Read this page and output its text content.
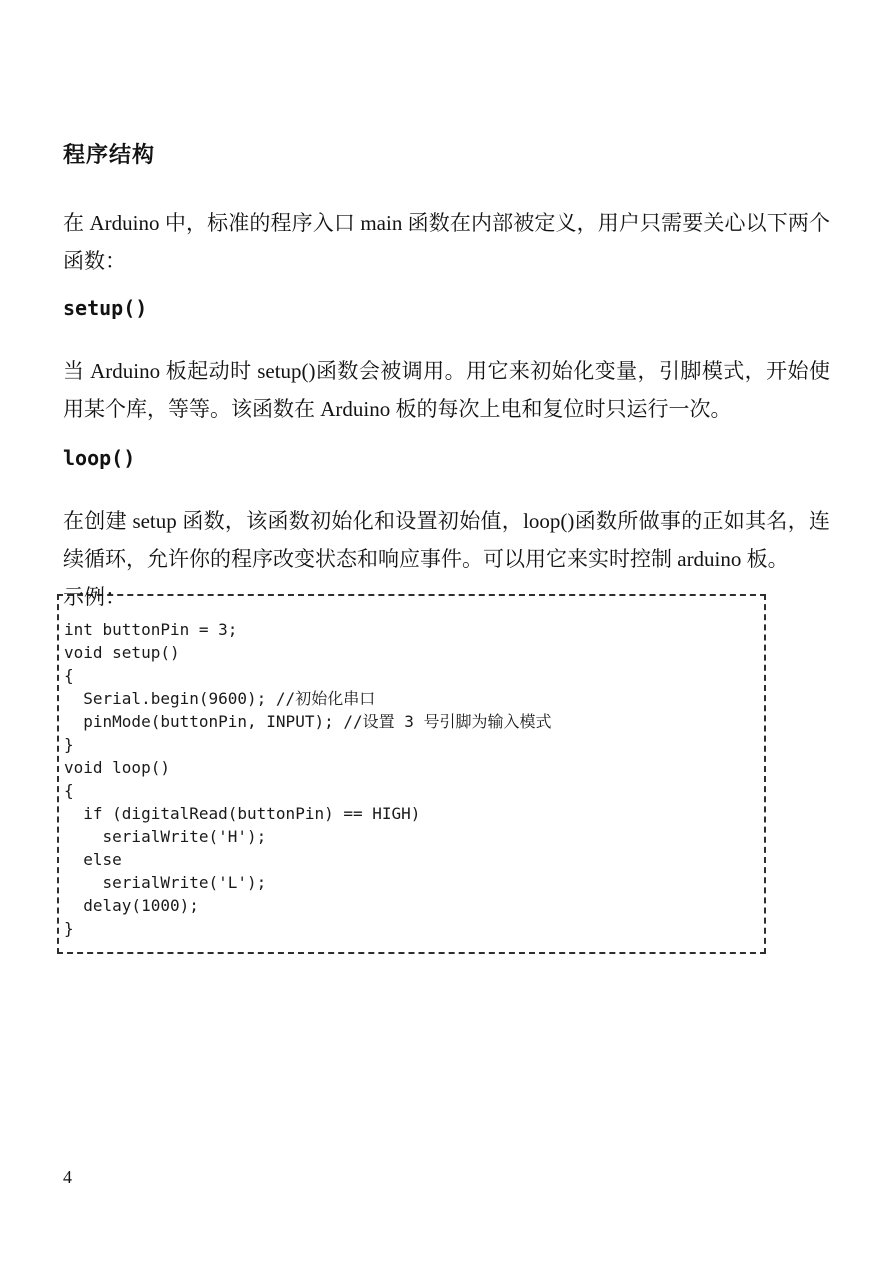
程序结构

在 Arduino 中，标准的程序入口 main 函数在内部被定义，用户只需要关心以下两个函数：

setup()

当 Arduino 板起动时 setup()函数会被调用。用它来初始化变量，引脚模式，开始使用某个库，等等。该函数在 Arduino 板的每次上电和复位时只运行一次。

loop()

在创建 setup 函数，该函数初始化和设置初始值，loop()函数所做事的正如其名，连续循环，允许你的程序改变状态和响应事件。可以用它来实时控制 arduino 板。

示例：

int buttonPin = 3;
void setup()
{
Serial.begin(9600); //初始化串口
pinMode(buttonPin, INPUT); //设置 3 号引脚为输入模式
}
void loop()
{
if (digitalRead(buttonPin) == HIGH)
serialWrite('H');
else
serialWrite('L');
delay(1000);
}
4
